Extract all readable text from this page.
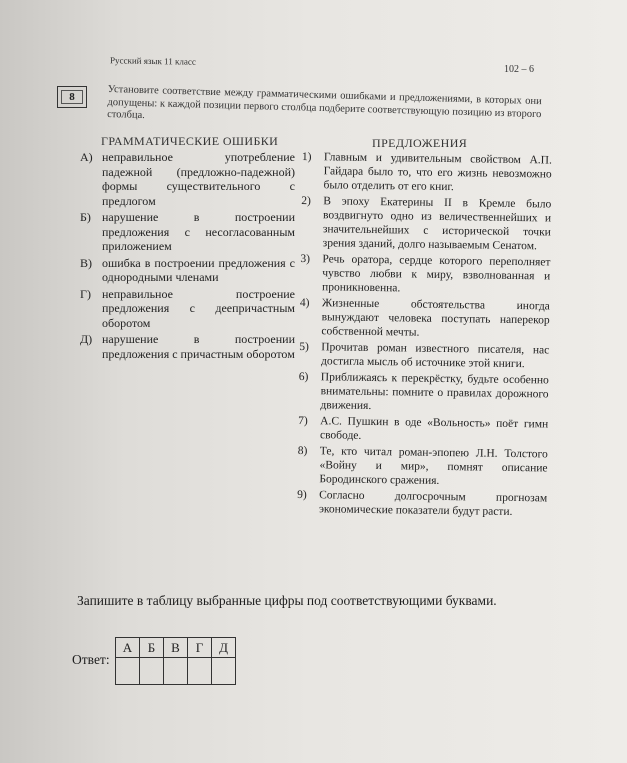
Русский язык 11 класс
102 – 6
8	Установите соответствие между грамматическими ошибками и предложениями, в которых они допущены: к каждой позиции первого столбца подберите соответствующую позицию из второго столбца.
ГРАММАТИЧЕСКИЕ ОШИБКИ	ПРЕДЛОЖЕНИЯ
А) неправильное употребление падежной (предложно-падежной) формы существительного с предлогом
Б) нарушение в построении предложения с несогласованным приложением
В) ошибка в построении предложения с однородными членами
Г) неправильное построение предложения с деепричастным оборотом
Д) нарушение в построении предложения с причастным оборотом
1)	Главным и удивительным свойством А.П. Гайдара было то, что его жизнь невозможно было отделить от его книг.
2)	В эпоху Екатерины II в Кремле было воздвигнуто одно из величественнейших и значительнейших с исторической точки зрения зданий, долго называемым Сенатом.
3)	Речь оратора, сердце которого переполняет чувство любви к миру, взволнованная и проникновенна.
4)	Жизненные обстоятельства иногда вынуждают человека поступать наперекор собственной мечты.
5)	Прочитав роман известного писателя, нас достигла мысль об источнике этой книги.
6)	Приближаясь к перекрёстку, будьте особенно внимательны: помните о правилах дорожного движения.
7)	А.С. Пушкин в оде «Вольность» поёт гимн свободе.
8)	Те, кто читал роман-эпопею Л.Н. Толстого «Войну и мир», помнят описание Бородинского сражения.
9)	Согласно долгосрочным прогнозам экономические показатели будут расти.
Запишите в таблицу выбранные цифры под соответствующими буквами.
Ответ:
А	Б	В	Г	Д
